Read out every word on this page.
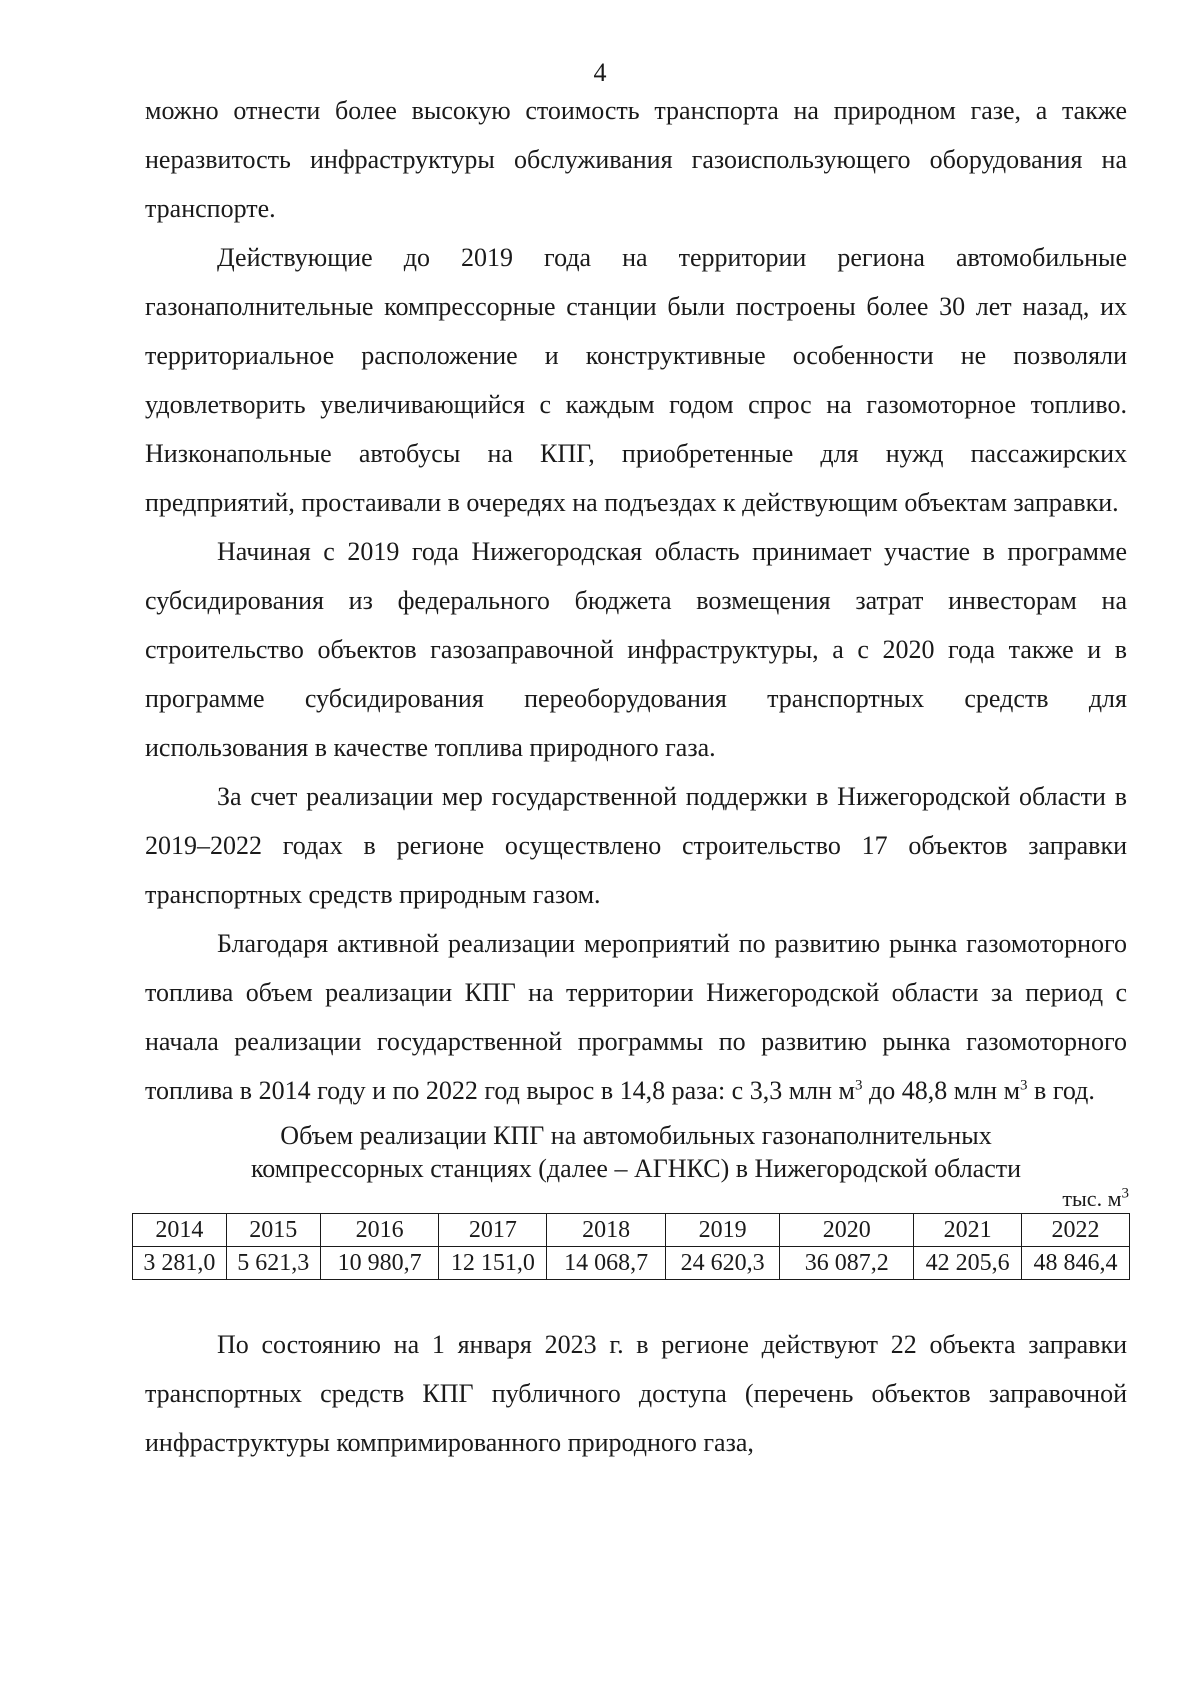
4

можно отнести более высокую стоимость транспорта на природном газе, а также неразвитость инфраструктуры обслуживания газоиспользующего оборудования на транспорте.

Действующие до 2019 года на территории региона автомобильные газонаполнительные компрессорные станции были построены более 30 лет назад, их территориальное расположение и конструктивные особенности не позволяли удовлетворить увеличивающийся с каждым годом спрос на газомоторное топливо. Низконапольные автобусы на КПГ, приобретенные для нужд пассажирских предприятий, простаивали в очередях на подъездах к действующим объектам заправки.

Начиная с 2019 года Нижегородская область принимает участие в программе субсидирования из федерального бюджета возмещения затрат инвесторам на строительство объектов газозаправочной инфраструктуры, а с 2020 года также и в программе субсидирования переоборудования транспортных средств для использования в качестве топлива природного газа.

За счет реализации мер государственной поддержки в Нижегородской области в 2019–2022 годах в регионе осуществлено строительство 17 объектов заправки транспортных средств природным газом.

Благодаря активной реализации мероприятий по развитию рынка газомоторного топлива объем реализации КПГ на территории Нижегородской области за период с начала реализации государственной программы по развитию рынка газомоторного топлива в 2014 году и по 2022 год вырос в 14,8 раза: с 3,3 млн $м^3$ до 48,8 млн $м^3$ в год.

Объем реализации КПГ на автомобильных газонаполнительных
компрессорных станциях (далее – АГНКС) в Нижегородской области
тыс. $м^3$
2014	2015	2016	2017	2018	2019	2020	2021	2022
3 281,0	5 621,3	10 980,7	12 151,0	14 068,7	24 620,3	36 087,2	42 205,6	48 846,4

По состоянию на 1 января 2023 г. в регионе действуют 22 объекта заправки транспортных средств КПГ публичного доступа (перечень объектов заправочной инфраструктуры компримированного природного газа,
